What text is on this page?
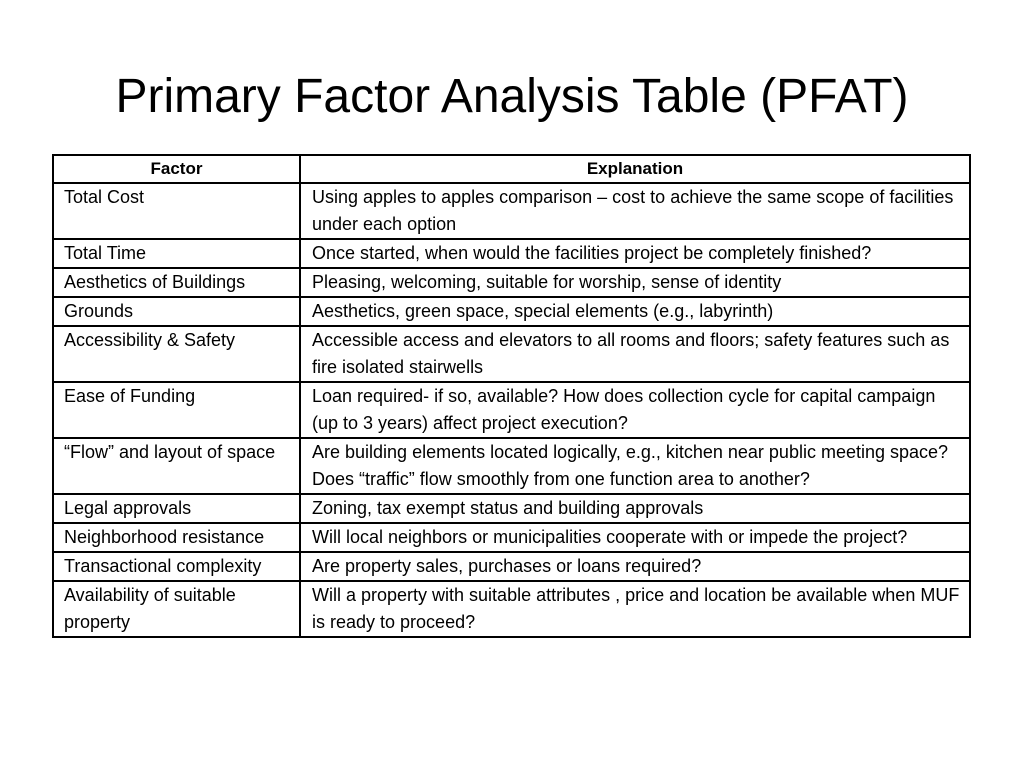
Primary Factor Analysis Table (PFAT)
Factor	Explanation
Total Cost	Using apples to apples comparison – cost to achieve the same scope of facilities under each option
Total Time	Once started, when would the facilities project be completely finished?
Aesthetics of Buildings	Pleasing, welcoming, suitable for worship, sense of identity
Grounds	Aesthetics, green space, special elements (e.g., labyrinth)
Accessibility & Safety	Accessible access and elevators to all rooms and floors; safety features such as fire isolated stairwells
Ease of Funding	Loan required- if so, available? How does collection cycle for capital campaign (up to 3 years) affect project execution?
“Flow” and layout of space	Are building elements located logically, e.g., kitchen near public meeting space? Does “traffic” flow smoothly from one function area to another?
Legal approvals	Zoning, tax exempt status and building approvals
Neighborhood resistance	Will local neighbors or municipalities cooperate with or impede the project?
Transactional complexity	Are property sales, purchases or loans required?
Availability of suitable property	Will a property with suitable attributes , price and location be available when MUF is ready to proceed?
